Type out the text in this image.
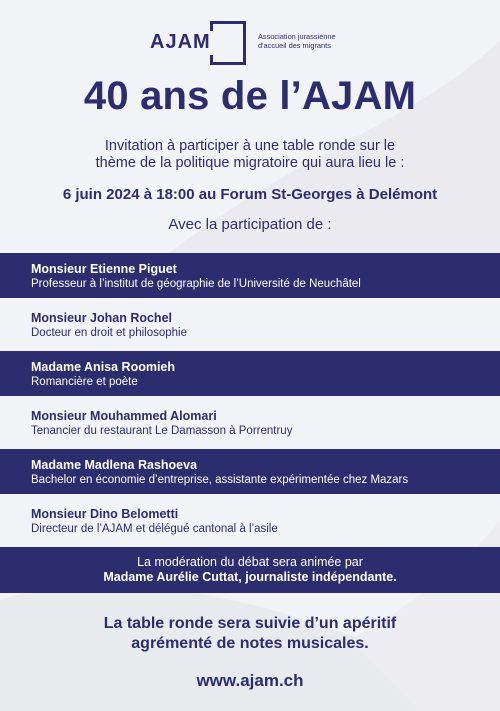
AJAM	Association jurassienne
d'accueil des migrants
40 ans de l’AJAM
Invitation à participer à une table ronde sur le
thème de la politique migratoire qui aura lieu le :
6 juin 2024 à 18:00 au Forum St-Georges à Delémont
Avec la participation de :
Monsieur Etienne Piguet
Professeur à l’institut de géographie de l’Université de Neuchâtel
Monsieur Johan Rochel
Docteur en droit et philosophie
Madame Anisa Roomieh
Romancière et poète
Monsieur Mouhammed Alomari
Tenancier du restaurant Le Damasson à Porrentruy
Madame Madlena Rashoeva
Bachelor en économie d’entreprise, assistante expérimentée chez Mazars
Monsieur Dino Belometti
Directeur de l’AJAM et délégué cantonal à l’asile
La modération du débat sera animée par
Madame Aurélie Cuttat, journaliste indépendante.
La table ronde sera suivie d’un apéritif
agrémenté de notes musicales.
www.ajam.ch
